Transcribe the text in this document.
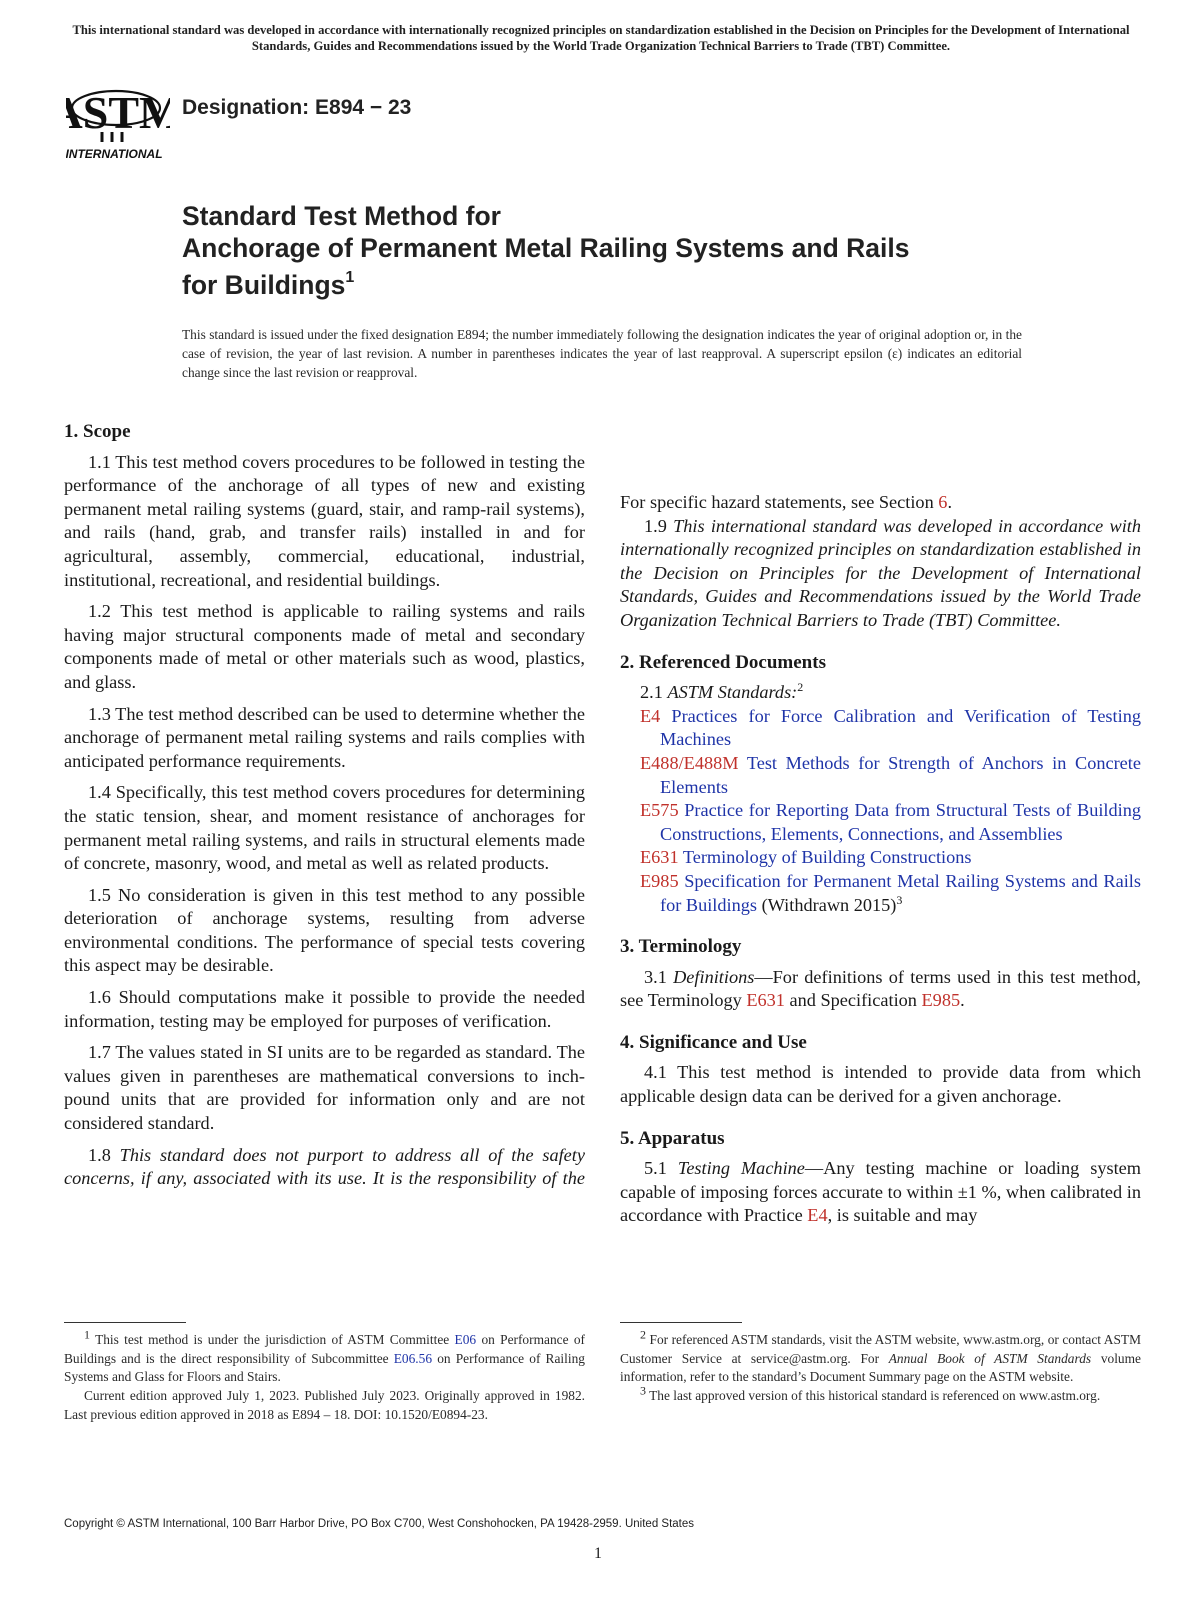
This international standard was developed in accordance with internationally recognized principles on standardization established in the Decision on Principles for the Development of International Standards, Guides and Recommendations issued by the World Trade Organization Technical Barriers to Trade (TBT) Committee.
ASTM
INTERNATIONAL
Designation: E894 − 23
Standard Test Method for
Anchorage of Permanent Metal Railing Systems and Rails
for Buildings$^1$
This standard is issued under the fixed designation E894; the number immediately following the designation indicates the year of original adoption or, in the case of revision, the year of last revision. A number in parentheses indicates the year of last reapproval. A superscript epsilon (ε) indicates an editorial change since the last revision or reapproval.

1. Scope

1.1 This test method covers procedures to be followed in testing the performance of the anchorage of all types of new and existing permanent metal railing systems (guard, stair, and ramp-rail systems), and rails (hand, grab, and transfer rails) installed in and for agricultural, assembly, commercial, educational, industrial, institutional, recreational, and residential buildings.

1.2 This test method is applicable to railing systems and rails having major structural components made of metal and secondary components made of metal or other materials such as wood, plastics, and glass.

1.3 The test method described can be used to determine whether the anchorage of permanent metal railing systems and rails complies with anticipated performance requirements.

1.4 Specifically, this test method covers procedures for determining the static tension, shear, and moment resistance of anchorages for permanent metal railing systems, and rails in structural elements made of concrete, masonry, wood, and metal as well as related products.

1.5 No consideration is given in this test method to any possible deterioration of anchorage systems, resulting from adverse environmental conditions. The performance of special tests covering this aspect may be desirable.

1.6 Should computations make it possible to provide the needed information, testing may be employed for purposes of verification.

1.7 The values stated in SI units are to be regarded as standard. The values given in parentheses are mathematical conversions to inch-pound units that are provided for information only and are not considered standard.

1.8 This standard does not purport to address all of the safety concerns, if any, associated with its use. It is the responsibility of the

For specific hazard statements, see Section 6.

1.9 This international standard was developed in accordance with internationally recognized principles on standardization established in the Decision on Principles for the Development of International Standards, Guides and Recommendations issued by the World Trade Organization Technical Barriers to Trade (TBT) Committee.

2. Referenced Documents

2.1 ASTM Standards:$^2$

E4 Practices for Force Calibration and Verification of Testing Machines

E488/E488M Test Methods for Strength of Anchors in Concrete Elements

E575 Practice for Reporting Data from Structural Tests of Building Constructions, Elements, Connections, and Assemblies

E631 Terminology of Building Constructions

E985 Specification for Permanent Metal Railing Systems and Rails for Buildings (Withdrawn 2015)$^3$

3. Terminology

3.1 Definitions—For definitions of terms used in this test method, see Terminology E631 and Specification E985.

4. Significance and Use

4.1 This test method is intended to provide data from which applicable design data can be derived for a given anchorage.

5. Apparatus

5.1 Testing Machine—Any testing machine or loading system capable of imposing forces accurate to within ±1 %, when calibrated in accordance with Practice E4, is suitable and may

$^1$ This test method is under the jurisdiction of ASTM Committee E06 on Performance of Buildings and is the direct responsibility of Subcommittee E06.56 on Performance of Railing Systems and Glass for Floors and Stairs.

Current edition approved July 1, 2023. Published July 2023. Originally approved in 1982. Last previous edition approved in 2018 as E894 – 18. DOI: 10.1520/E0894-23.

$^2$ For referenced ASTM standards, visit the ASTM website, www.astm.org, or contact ASTM Customer Service at service@astm.org. For Annual Book of ASTM Standards volume information, refer to the standard’s Document Summary page on the ASTM website.

$^3$ The last approved version of this historical standard is referenced on www.astm.org.

Copyright © ASTM International, 100 Barr Harbor Drive, PO Box C700, West Conshohocken, PA 19428-2959. United States
1
